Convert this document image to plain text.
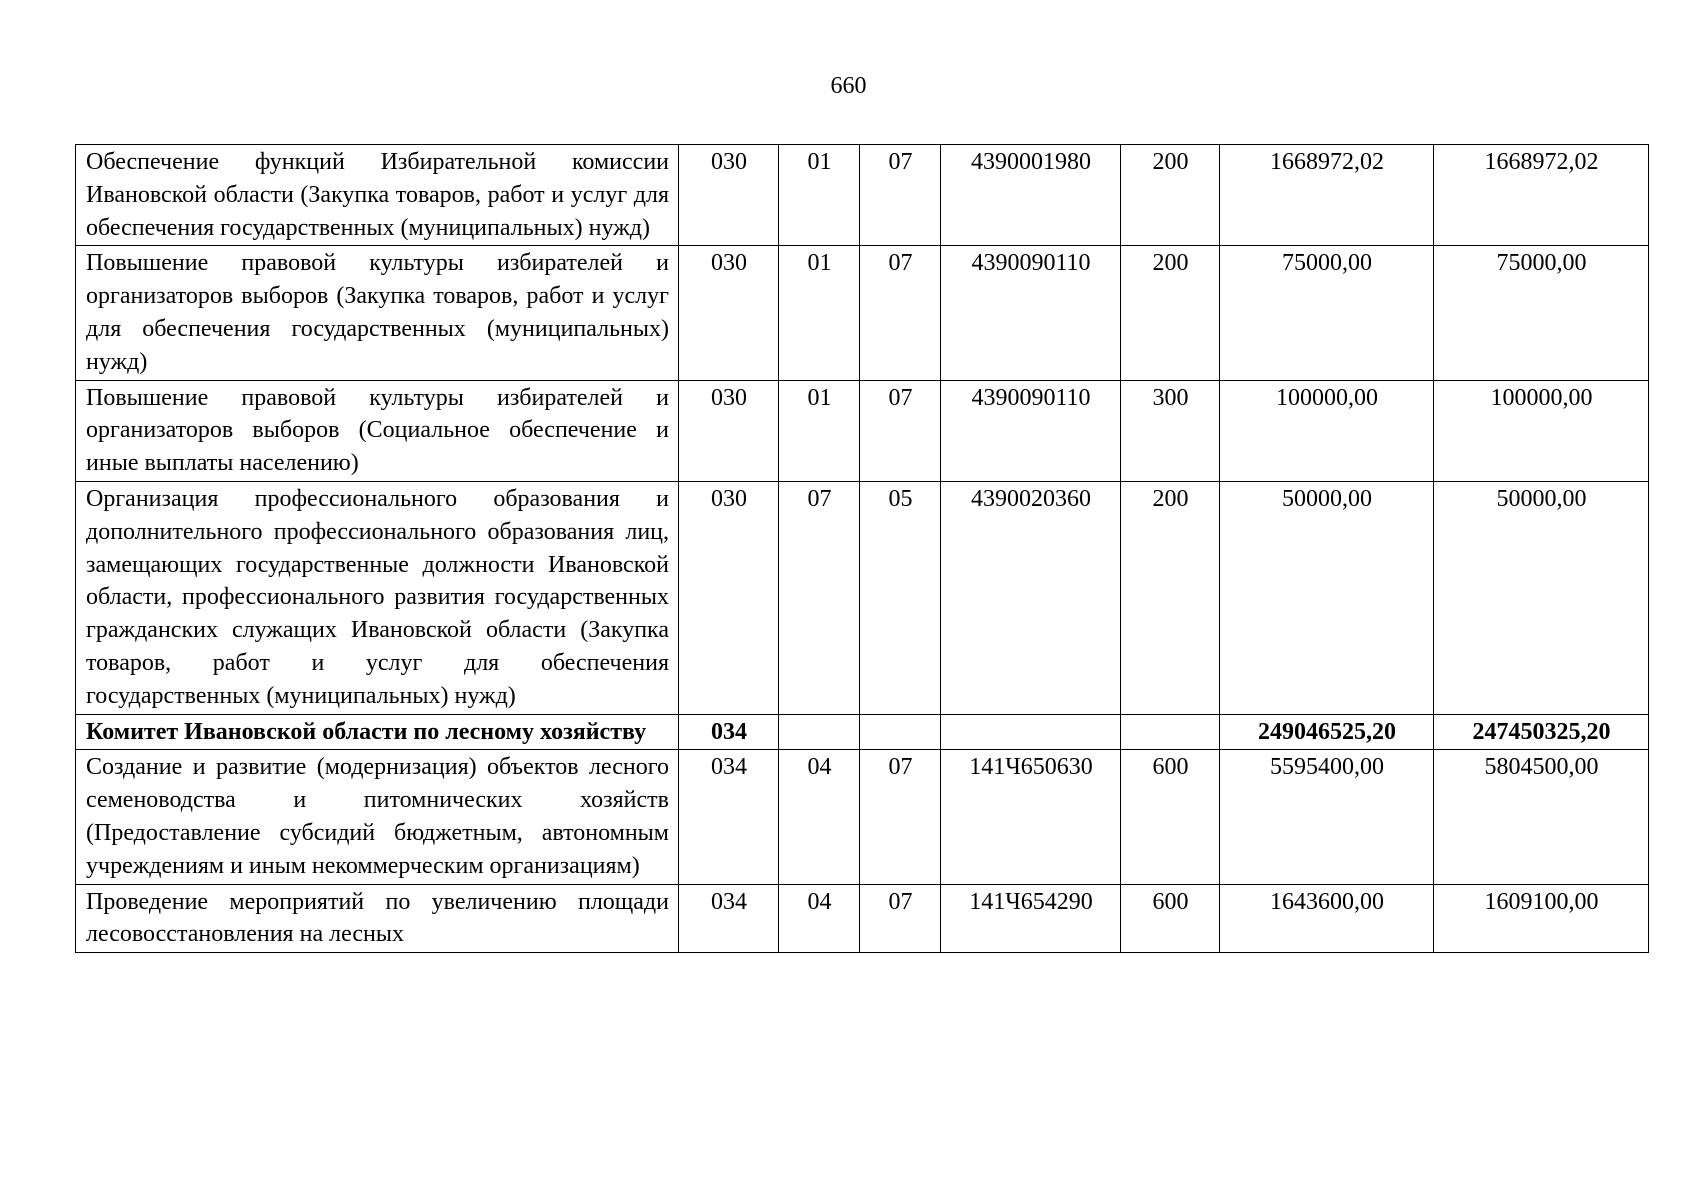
660
Обеспечение функций Избирательной комиссии Ивановской области (Закупка товаров, работ и услуг для обеспечения государственных (муниципальных) нужд)	030	01	07	4390001980	200	1668972,02	1668972,02
Повышение правовой культуры избирателей и организаторов выборов (Закупка товаров, работ и услуг для обеспечения государственных (муниципальных) нужд)	030	01	07	4390090110	200	75000,00	75000,00
Повышение правовой культуры избирателей и организаторов выборов (Социальное обеспечение и иные выплаты населению)	030	01	07	4390090110	300	100000,00	100000,00
Организация профессионального образования и дополнительного профессионального образования лиц, замещающих государственные должности Ивановской области, профессионального развития государственных гражданских служащих Ивановской области (Закупка товаров, работ и услуг для обеспечения государственных (муниципальных) нужд)	030	07	05	4390020360	200	50000,00	50000,00
Комитет Ивановской области по лесному хозяйству	034					249046525,20	247450325,20
Создание и развитие (модернизация) объектов лесного семеноводства и питомнических хозяйств (Предоставление субсидий бюджетным, автономным учреждениям и иным некоммерческим организациям)	034	04	07	141Ч650630	600	5595400,00	5804500,00
Проведение мероприятий по увеличению площади лесовосстановления на лесных	034	04	07	141Ч654290	600	1643600,00	1609100,00
